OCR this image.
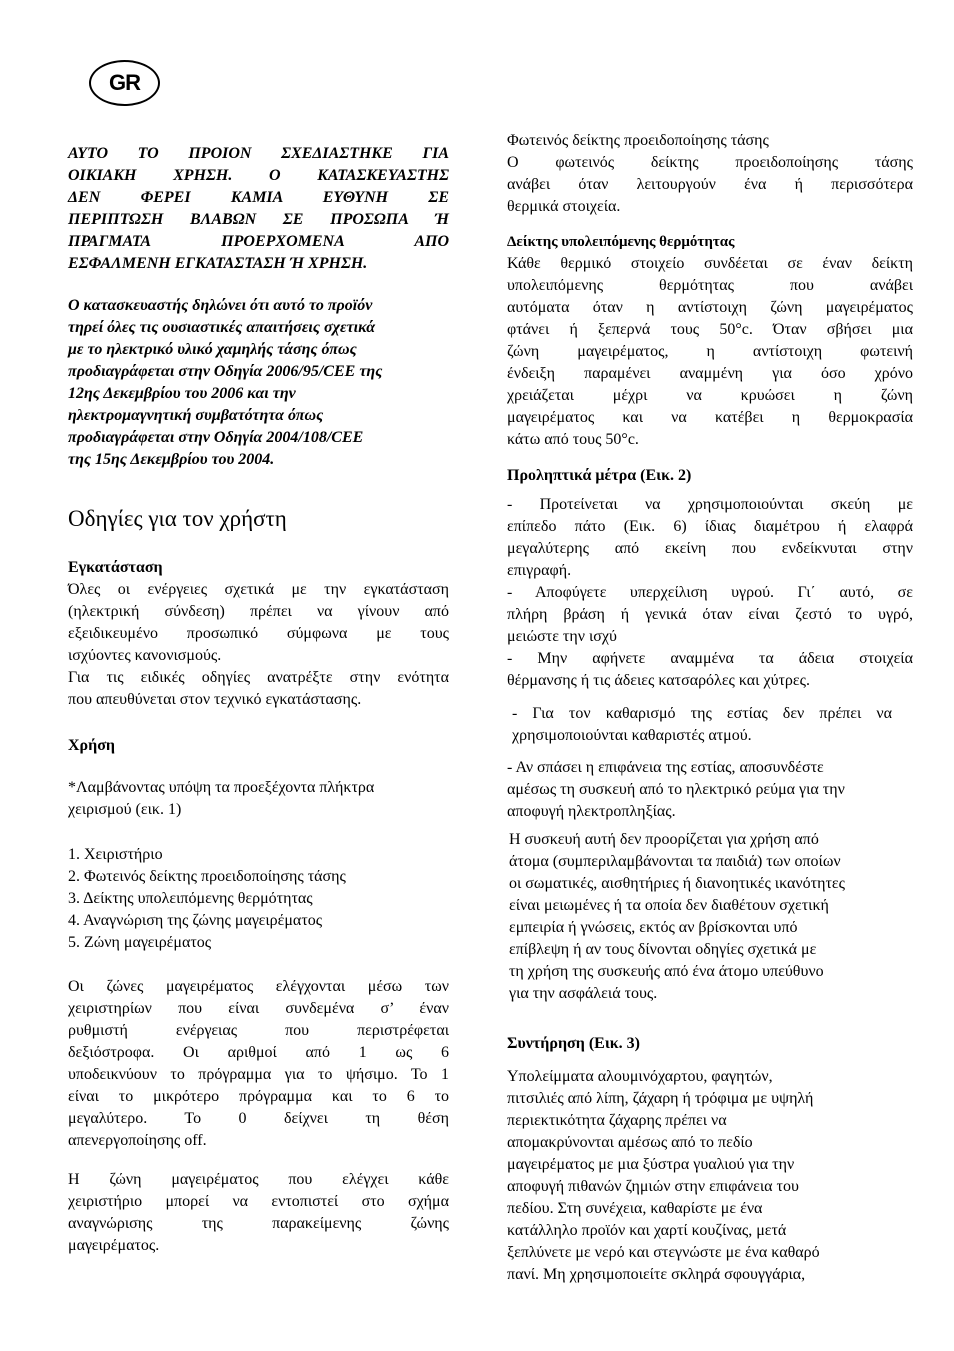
GR
ΑΥΤΟ ΤΟ ΠΡΟΙΟΝ ΣΧΕΔΙΑΣΤΗΚΕ ΓΙΑ
ΟΙΚΙΑΚΗ ΧΡΗΣΗ. Ο ΚΑΤΑΣΚΕΥΑΣΤΗΣ
ΔΕΝ ΦΕΡΕΙ ΚΑΜΙΑ ΕΥΘΥΝΗ ΣΕ
ΠΕΡΙΠΤΩΣΗ ΒΛΑΒΩΝ ΣΕ ΠΡΟΣΩΠΑ Ή
ΠΡΑΓΜΑΤΑ ΠΡΟΕΡΧΟΜΕΝΑ ΑΠΟ
ΕΣΦΑΛΜΕΝΗ ΕΓΚΑΤΑΣΤΑΣΗ Ή ΧΡΗΣΗ.
Ο κατασκευαστής δηλώνει ότι αυτό το προϊόν
τηρεί όλες τις ουσιαστικές απαιτήσεις σχετικά
με το ηλεκτρικό υλικό χαμηλής τάσης όπως
προδιαγράφεται στην Οδηγία 2006/95/CEE της
12ης Δεκεμβρίου του 2006 και την
ηλεκτρομαγνητική συμβατότητα όπως
προδιαγράφεται στην Οδηγία 2004/108/CEE
της 15ης Δεκεμβρίου του 2004.
Οδηγίες για τον χρήστη
Εγκατάσταση
Όλες οι ενέργειες σχετικά με την εγκατάσταση
(ηλεκτρική σύνδεση) πρέπει να γίνουν από
εξειδικευμένο προσωπικό σύμφωνα με τους
ισχύοντες κανονισμούς.
Για τις ειδικές οδηγίες ανατρέξτε στην ενότητα
που απευθύνεται στον τεχνικό εγκατάστασης.
Χρήση
*Λαμβάνοντας υπόψη τα προεξέχοντα πλήκτρα
χειρισμού (εικ. 1)
1. Χειριστήριο
2. Φωτεινός δείκτης προειδοποίησης τάσης
3. Δείκτης υπολειπόμενης θερμότητας
4. Αναγνώριση της ζώνης μαγειρέματος
5. Ζώνη μαγειρέματος
Οι ζώνες μαγειρέματος ελέγχονται μέσω των
χειριστηρίων που είναι συνδεμένα σ’ έναν
ρυθμιστή ενέργειας που περιστρέφεται
δεξιόστροφα. Οι αριθμοί από 1 ως 6
υποδεικνύουν το πρόγραμμα για το ψήσιμο. Το 1
είναι το μικρότερο πρόγραμμα και το 6 το
μεγαλύτερο. Το 0 δείχνει τη θέση
απενεργοποίησης off.
Η ζώνη μαγειρέματος που ελέγχει κάθε
χειριστήριο μπορεί να εντοπιστεί στο σχήμα
αναγνώρισης της παρακείμενης ζώνης
μαγειρέματος.
Φωτεινός δείκτης προειδοποίησης τάσης
Ο φωτεινός δείκτης προειδοποίησης τάσης
ανάβει όταν λειτουργούν ένα ή περισσότερα
θερμικά στοιχεία.
Δείκτης υπολειπόμενης θερμότητας
Κάθε θερμικό στοιχείο συνδέεται σε έναν δείκτη
υπολειπόμενης θερμότητας που ανάβει
αυτόματα όταν η αντίστοιχη ζώνη μαγειρέματος
φτάνει ή ξεπερνά τους 50°c. Όταν σβήσει μια
ζώνη μαγειρέματος, η αντίστοιχη φωτεινή
ένδειξη παραμένει αναμμένη για όσο χρόνο
χρειάζεται μέχρι να κρυώσει η ζώνη
μαγειρέματος και να κατέβει η θερμοκρασία
κάτω από τους 50°c.
Προληπτικά μέτρα (Εικ. 2)
- Προτείνεται να χρησιμοποιούνται σκεύη με
επίπεδο πάτο (Εικ. 6) ίδιας διαμέτρου ή ελαφρά
μεγαλύτερης από εκείνη που ενδείκνυται στην
επιγραφή.
- Αποφύγετε υπερχείλιση υγρού. Γι΄ αυτό, σε
πλήρη βράση ή γενικά όταν είναι ζεστό το υγρό,
μειώστε την ισχύ
- Μην αφήνετε αναμμένα τα άδεια στοιχεία
θέρμανσης ή τις άδειες κατσαρόλες και χύτρες.
- Για τον καθαρισμό της εστίας δεν πρέπει να
χρησιμοποιούνται καθαριστές ατμού.
- Αν σπάσει η επιφάνεια της εστίας, αποσυνδέστε
αμέσως τη συσκευή από το ηλεκτρικό ρεύμα για την
αποφυγή ηλεκτροπληξίας.
Η συσκευή αυτή δεν προορίζεται για χρήση από
άτομα (συμπεριλαμβάνονται τα παιδιά) των οποίων
οι σωματικές, αισθητήριες ή διανοητικές ικανότητες
είναι μειωμένες ή τα οποία δεν διαθέτουν σχετική
εμπειρία ή γνώσεις, εκτός αν βρίσκονται υπό
επίβλεψη ή αν τους δίνονται οδηγίες σχετικά με
τη χρήση της συσκευής από ένα άτομο υπεύθυνο
για την ασφάλειά τους.
Συντήρηση (Εικ. 3)
Υπολείμματα αλουμινόχαρτου, φαγητών,
πιτσιλιές από λίπη, ζάχαρη ή τρόφιμα με υψηλή
περιεκτικότητα ζάχαρης πρέπει να
απομακρύνονται αμέσως από το πεδίο
μαγειρέματος με μια ξύστρα γυαλιού για την
αποφυγή πιθανών ζημιών στην επιφάνεια του
πεδίου. Στη συνέχεια, καθαρίστε με ένα
κατάλληλο προϊόν και χαρτί κουζίνας, μετά
ξεπλύνετε με νερό και στεγνώστε με ένα καθαρό
πανί. Μη χρησιμοποιείτε σκληρά σφουγγάρια,
